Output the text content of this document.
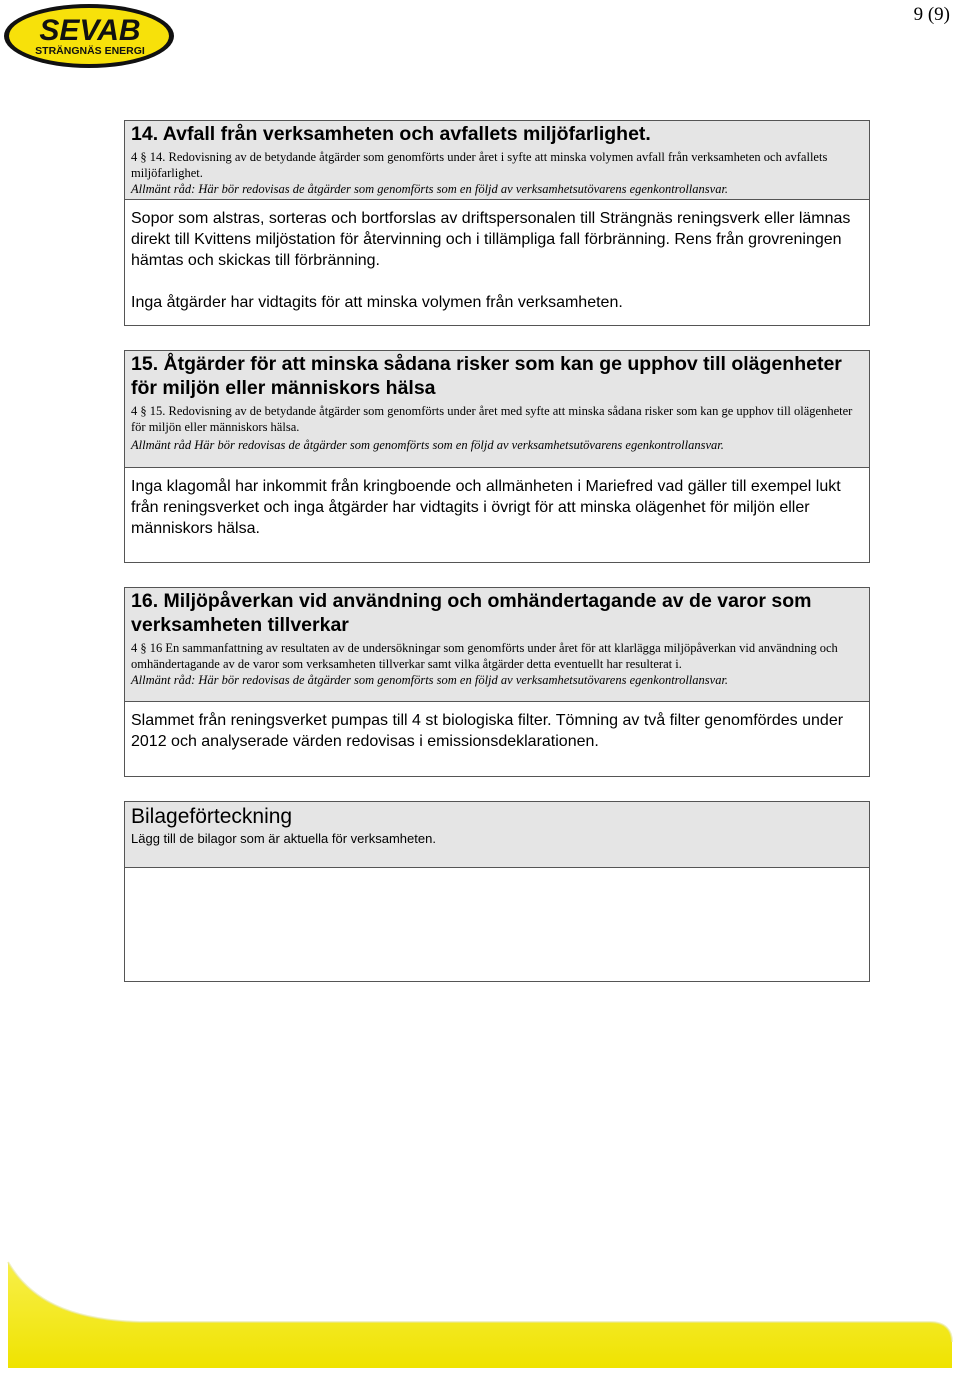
SEVAB
STRÄNGNÄS ENERGI
9 (9)
14. Avfall från verksamheten och avfallets miljöfarlighet.
4 § 14. Redovisning av de betydande åtgärder som genomförts under året i syfte att minska volymen avfall från verksamheten och avfallets miljöfarlighet.
Allmänt råd: Här bör redovisas de åtgärder som genomförts som en följd av verksamhetsutövarens egenkontrollansvar.

Sopor som alstras, sorteras och bortforslas av driftspersonalen till Strängnäs reningsverk eller lämnas direkt till Kvittens miljöstation för återvinning och i tillämpliga fall förbränning. Rens från grovreningen hämtas och skickas till förbränning.

Inga åtgärder har vidtagits för att minska volymen från verksamheten.

15. Åtgärder för att minska sådana risker som kan ge upphov till olägenheter för miljön eller människors hälsa
4 § 15. Redovisning av de betydande åtgärder som genomförts under året med syfte att minska sådana risker som kan ge upphov till olägenheter för miljön eller människors hälsa.
Allmänt råd Här bör redovisas de åtgärder som genomförts som en följd av verksamhetsutövarens egenkontrollansvar.

Inga klagomål har inkommit från kringboende och allmänheten i Mariefred vad gäller till exempel lukt från reningsverket och inga åtgärder har vidtagits i övrigt för att minska olägenhet för miljön eller människors hälsa.

16. Miljöpåverkan vid användning och omhändertagande av de varor som verksamheten tillverkar
4 § 16 En sammanfattning av resultaten av de undersökningar som genomförts under året för att klarlägga miljöpåverkan vid användning och omhändertagande av de varor som verksamheten tillverkar samt vilka åtgärder detta eventuellt har resulterat i.
Allmänt råd: Här bör redovisas de åtgärder som genomförts som en följd av verksamhetsutövarens egenkontrollansvar.

Slammet från reningsverket pumpas till 4 st biologiska filter. Tömning av två filter genomfördes under 2012 och analyserade värden redovisas i emissionsdeklarationen.

Bilageförteckning
Lägg till de bilagor som är aktuella för verksamheten.
